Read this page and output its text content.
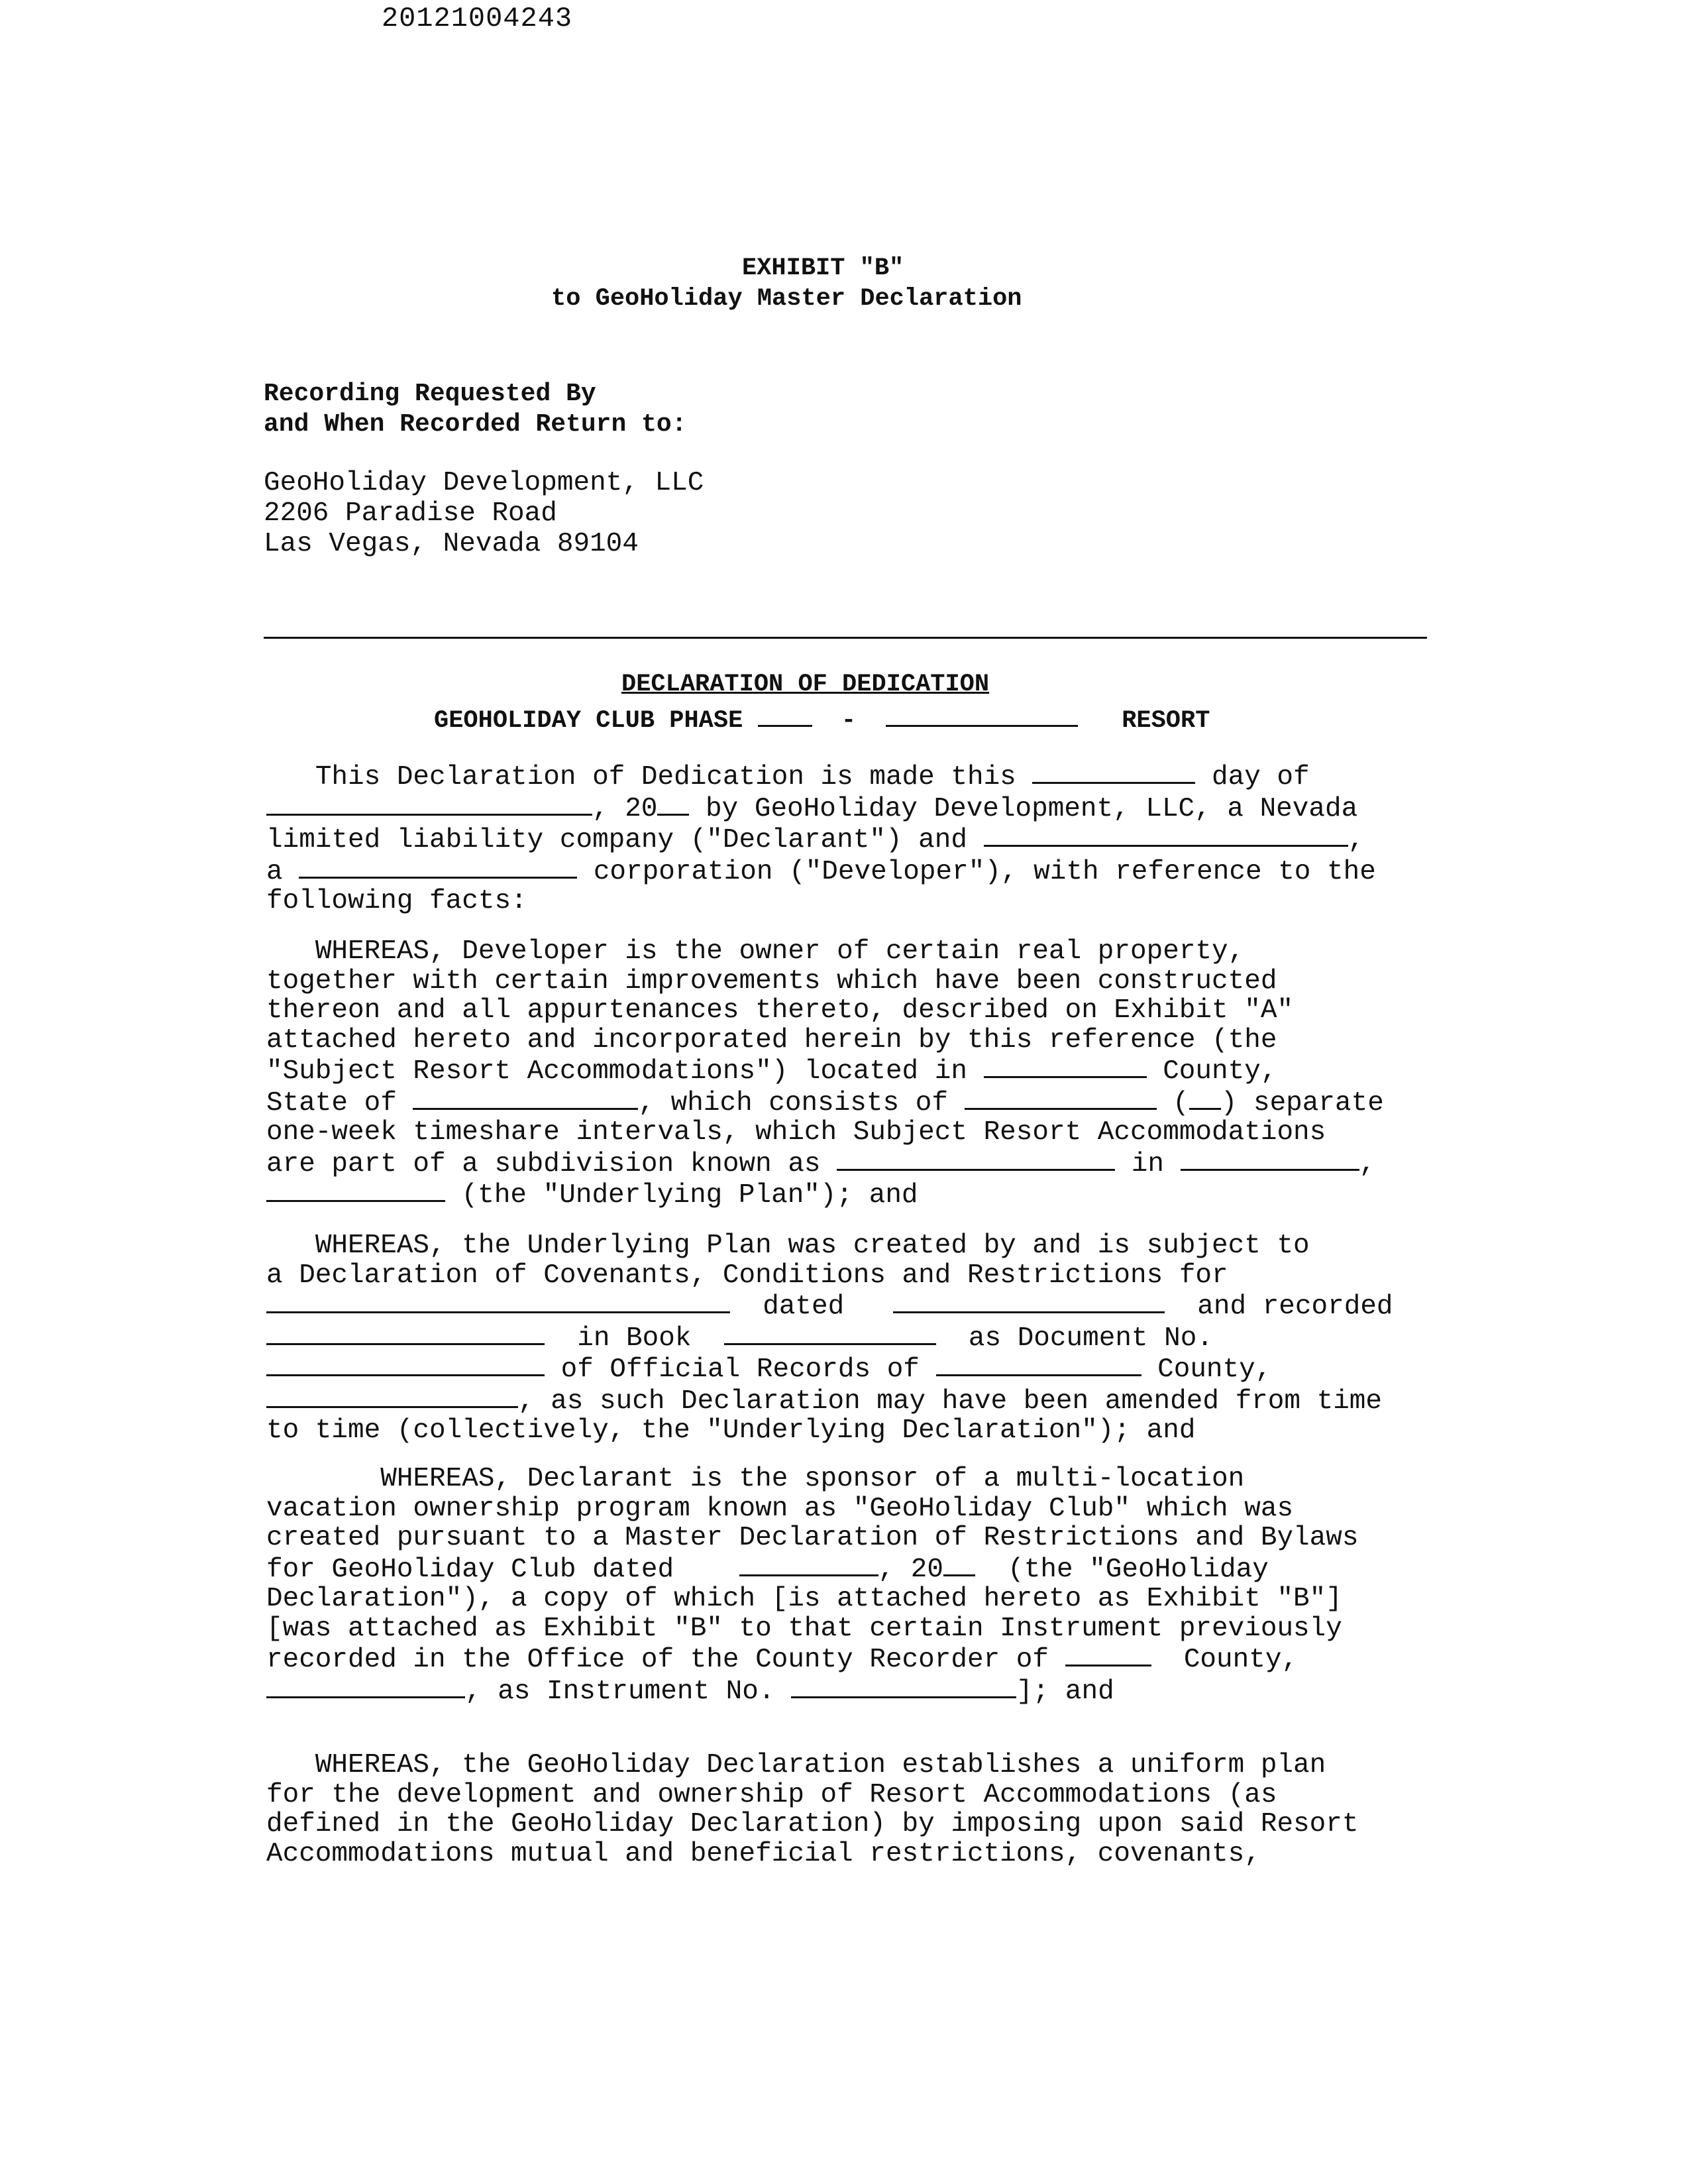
20121004243
EXHIBIT "B"
to GeoHoliday Master Declaration
Recording Requested By
and When Recorded Return to:
GeoHoliday Development, LLC
2206 Paradise Road
Las Vegas, Nevada 89104
DECLARATION OF DEDICATION
GEOHOLIDAY CLUB PHASE	-	RESORT
This Declaration of Dedication is made this	day of
, 20 by GeoHoliday Development, LLC, a Nevada
limited liability company ("Declarant") and	,
a	corporation ("Developer"), with reference to the
following facts:
WHEREAS, Developer is the owner of certain real property,
together with certain improvements which have been constructed
thereon and all appurtenances thereto, described on Exhibit "A"
attached hereto and incorporated herein by this reference (the
"Subject Resort Accommodations") located in	County,
State of	, which consists of	( ) separate
one-week timeshare intervals, which Subject Resort Accommodations
are part of a subdivision known as	in	,
(the "Underlying Plan"); and
WHEREAS, the Underlying Plan was created by and is subject to
a Declaration of Covenants, Conditions and Restrictions for
dated	and recorded
in Book	as Document No.
of Official Records of	County,
, as such Declaration may have been amended from time
to time (collectively, the "Underlying Declaration"); and
WHEREAS, Declarant is the sponsor of a multi-location
vacation ownership program known as "GeoHoliday Club" which was
created pursuant to a Master Declaration of Restrictions and Bylaws
for GeoHoliday Club dated	, 20 (the "GeoHoliday
Declaration"), a copy of which [is attached hereto as Exhibit "B"]
[was attached as Exhibit "B" to that certain Instrument previously
recorded in the Office of the County Recorder of	County,
, as Instrument No.	]; and
WHEREAS, the GeoHoliday Declaration establishes a uniform plan
for the development and ownership of Resort Accommodations (as
defined in the GeoHoliday Declaration) by imposing upon said Resort
Accommodations mutual and beneficial restrictions, covenants,
